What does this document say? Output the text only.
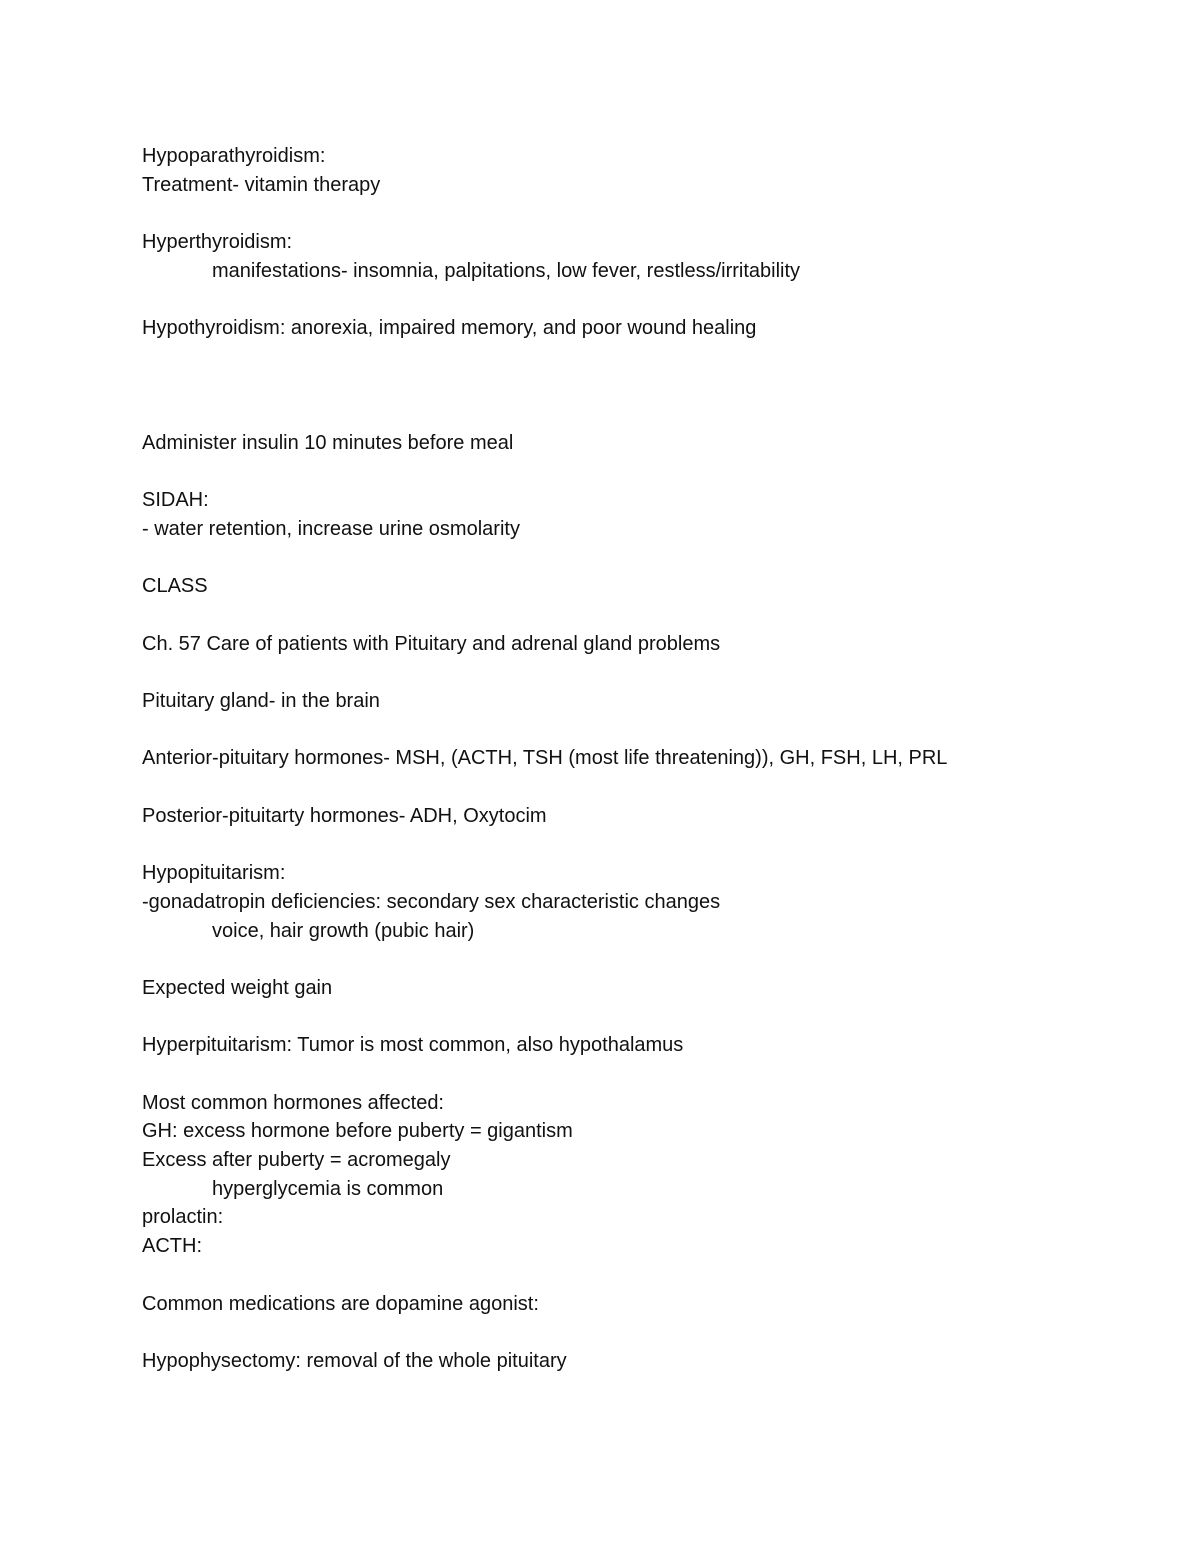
Hypoparathyroidism:
Treatment- vitamin therapy
Hyperthyroidism:
manifestations- insomnia, palpitations, low fever, restless/irritability
Hypothyroidism: anorexia, impaired memory, and poor wound healing
Administer insulin 10 minutes before meal
SIDAH:
- water retention, increase urine osmolarity
CLASS
Ch. 57 Care of patients with Pituitary and adrenal gland problems
Pituitary gland- in the brain
Anterior-pituitary hormones- MSH, (ACTH, TSH (most life threatening)), GH, FSH, LH, PRL
Posterior-pituitarty hormones- ADH, Oxytocim
Hypopituitarism:
-gonadatropin deficiencies: secondary sex characteristic changes
voice, hair growth (pubic hair)
Expected weight gain
Hyperpituitarism: Tumor is most common, also hypothalamus
Most common hormones affected:
GH: excess hormone before puberty = gigantism
Excess after puberty = acromegaly
hyperglycemia is common
prolactin:
ACTH:
Common medications are dopamine agonist:
Hypophysectomy: removal of the whole pituitary
